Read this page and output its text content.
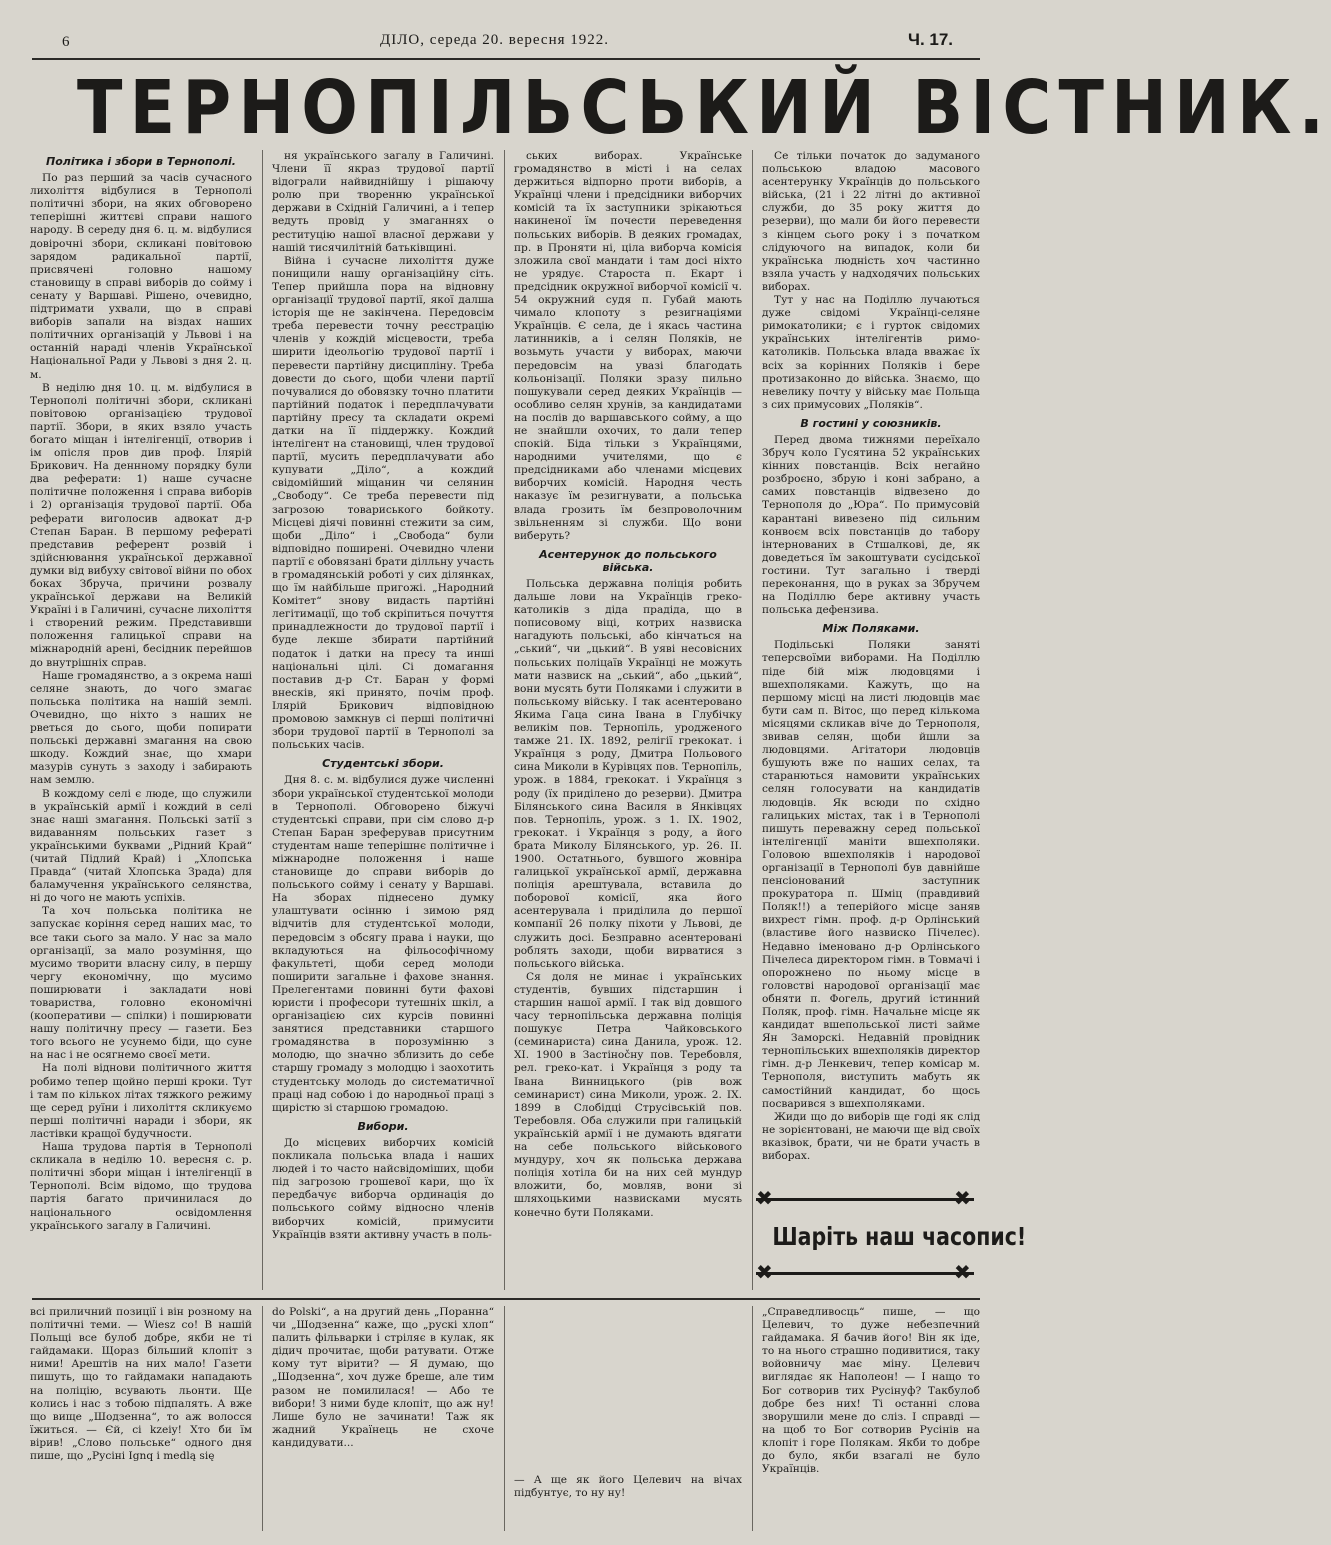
6	ДІЛО, середа 20. вересня 1922.	Ч. 17.
ТЕРНОПІЛЬСЬКИЙ ВІСТНИК.
Політика і збори в Тернополі.

По раз перший за часів сучасного лихоліття відбулися в Тернополі політичні збори, на яких обговорено теперішні життєві справи нашого народу. В середу дня 6. ц. м. відбулися довірочні збори, скликані повітовою зарядом радикальної партії, присвячені головно нашому становищу в справі виборів до сойму і сенату у Варшаві. Рішено, очевидно, підтримати ухвали, що в справі виборів запали на віздах наших політичних організацій у Львові і на останній нараді членів Української Національної Ради у Львові з дня 2. ц. м.

В неділю дня 10. ц. м. відбулися в Тернополі політичні збори, скликані повітовою організацією трудової партії. Збори, в яких взяло участь богато міщан і інтелігенції, отворив і ім опісля пров див проф. Ілярій Брикович. На деннному порядку були два реферати: 1) наше сучасне політичне положення і справа виборів і 2) організація трудової партії. Оба реферати виголосив адвокат д-р Степан Баран. В першому рефераті представив референт розвій і здійснювання української державної думки від вибуху світової війни по обох боках Збруча, причини розвалу української держави на Великій Україні і в Галичині, сучасне лихоліття і створений режим. Представивши положення галицької справи на міжнародній арені, бесідник перейшов до внутрішніх справ.

Наше громадянство, а з окрема наші селяне знають, до чого змагає польська політика на нашій землі. Очевидно, що ніхто з наших не рветься до сього, щоби попирати польські державні змагання на свою шкоду. Кождий знає, що хмари мазурів сунуть з заходу і забирають нам землю.

В кождому селі є люде, що служили в українській армії і кождий в селі знає наші змагання. Польські затії з видаванням польських газет з українськими буквами „Рідний Край“ (читай Підлий Край) і „Хлопська Правда“ (читай Хлопська Зрада) для баламучення українського селянства, ні до чого не мають успіхів.

Та хоч польська політика не запускає коріння серед наших мас, то все таки сього за мало. У нас за мало організації, за мало розуміння, що мусимо творити власну силу, в першу чергу економічну, що мусимо поширювати і закладати нові товариства, головно економічні (кооперативи — спілки) і поширювати нашу політичну пресу — газети. Без того всього не усунемо біди, що суне на нас і не осягнемо своєї мети.

На полі віднови політичного життя робимо тепер щойно перші кроки. Тут і там по кількох літах тяжкого режиму ще серед руїни і лихоліття скликуємо перші політичні наради і збори, як ластівки кращої будучности.

Наша трудова партія в Тернополі скликала в неділю 10. вересня с. р. політичні збори міщан і інтелігенції в Тернополі. Всім відомо, що трудова партія багато причинилася до національного освідомлення українського загалу в Галичині.

ня українського загалу в Галичині. Члени її якраз трудової партії відограли найвиднійшу і рішаючу ролю при творенню української держави в Східній Галичині, а і тепер ведуть провід у змаганнях о реституцію нашої власної держави у нашій тисячилітній батьківщині.

Війна і сучасне лихоліття дуже понищили нашу організаційну сіть. Тепер прийшла пора на відновну організації трудової партії, якої далша історія ще не закінчена. Передовсім треба перевести точну реєстрацію членів у кождій місцевости, треба ширити ідеольогію трудової партії і перевести партійну дисципліну. Треба довести до сього, щоби члени партії почувалися до обовязку точно платити партійний податок і передплачувати партійну пресу та складати окремі датки на її піддержку. Кождий інтелігент на становищі, член трудової партії, мусить передплачувати або купувати „Діло“, а кождий свідомійший міщанин чи селянин „Свободу“. Се треба перевести під загрозою товариського бойкоту. Місцеві діячі повинні стежити за сим, щоби „Діло“ і „Свобода“ були відповідно поширені. Очевидно члени партії є обовязані брати ділльну участь в громадянській роботі у сих ділянках, що їм найбільше пригожі. „Народний Комітет“ знову видасть партійні легітимації, що тоб скріпиться почуття принадлежности до трудової партії і буде лекше збирати партійний податок і датки на пресу та инші національні цілі. Сі домагання поставив д-р Ст. Баран у формі внесків, які принято, почім проф. Ілярій Брикович відповідною промовою замкнув сі перші політичні збори трудової партії в Тернополі за польських часів.

Студентські збори.

Дня 8. с. м. відбулися дуже численні збори української студентської молоди в Тернополі. Обговорено біжучі студентські справи, при сім слово д-р Степан Баран зреферував присутним студентам наше теперішнє політичне і міжнародне положення і наше становище до справи виборів до польського сойму і сенату у Варшаві. На зборах піднесено думку улаштувати осінню і зимою ряд відчитів для студентської молоди, передовсім з обсягу права і науки, що вкладуються на фільософічному факультеті, щоби серед молоди поширити загальне і фахове знання. Прелегентами повинні бути фахові юристи і професори тутешніх шкіл, а організацією сих курсів повинні занятися представники старшого громадянства в порозумінню з молодю, що значно зблизить до себе старшу громаду з молодцю і заохотить студентську молодь до систематичної праці над собою і до народньої праці з щирістю зі старшою громадою.

Вибори.

До місцевих виборчих комісій покликала польська влада і наших людей і то часто найсвідоміших, щоби під загрозою грошевої кари, що їх передбачує виборча ординація до польського сойму відносно членів виборчих комісій, примусити Українців взяти активну участь в поль-

ських виборах. Українське громадянство в місті і на селах держиться відпорно проти виборів, а Українці члени і предсідники виборчих комісій та їх заступники зрікаються накиненої їм почести переведення польських виборів. В деяких громадах, пр. в Проняти ні, ціла виборча комісія зложила свої мандати і там досі ніхто не урядує. Староста п. Екарт і предсідник окружної виборчої комісії ч. 54 окружний судя п. Губай мають чимало клопоту з резигнаціями Українців. Є села, де і якась частина латинників, а і селян Поляків, не возьмуть участи у виборах, маючи передовсім на увазі благодать кольонізації. Поляки зразу пильно пошукували серед деяких Українців — особливо селян хрунів, за кандидатами на послів до варшавського сойму, а що не знайшли охочих, то дали тепер спокій. Біда тільки з Українцями, народними учителями, що є предсідниками або членами місцевих виборчих комісій. Народня честь наказує їм резигнувати, а польська влада грозить їм безпроволочним звільненням зі служби. Що вони виберуть?

Асентерунок до польського війська.

Польська державна поліція робить дальше лови на Українців греко-католиків з діда прадіда, що в пописовому віці, котрих назвиска нагадують польські, або кінчаться на „ський“, чи „цький“. В уяві несовісних польських поліцаїв Українці не можуть мати назвиск на „ський“, або „цький“, вони мусять бути Поляками і служити в польському війську. І так асентеровано Якима Гаца сина Івана в Глубічку великім пов. Тернопіль, уродженого тамже 21. IX. 1892, релігії грекокат. і Українця з роду, Дмитра Польового сина Миколи в Курівцях пов. Тернопіль, урож. в 1884, грекокат. і Українця з роду (їх приділено до резерви). Дмитра Білянського сина Василя в Янківцях пов. Тернопіль, урож. з 1. IX. 1902, грекокат. і Українця з роду, а його брата Миколу Білянського, ур. 26. II. 1900. Остатнього, бувшого жовніра галицької української армії, державна поліція арештувала, вставила до поборової комісії, яка його асентерувала і приділила до першої компанії 26 полку піхоти у Львові, де служить досі. Безправно асентеровані роблять заходи, щоби вирватися з польського війська.

Ся доля не минає і українських студентів, бувших підстаршин і старшин нашої армії. І так від довшого часу тернопільська державна поліція пошукує Петра Чайковського (семинариста) сина Данила, урож. 12. XI. 1900 в Застінočну пов. Теребовля, рел. греко-кат. і Українця з роду та Івана Винницького (рів вож семинарист) сина Миколи, урож. 2. IX. 1899 в Слобідці Струсівській пов. Теребовля. Оба служили при галицькій українській армії і не думають вдягати на себе польського військового мундуру, хоч як польська держава поліція хотіла би на них сей мундур вложити, бо, мовляв, вони зі шляхоцькими назвисками мусять конечно бути Поляками.

Се тільки початок до задуманого польською владою масового асентерунку Українців до польського війська, (21 і 22 літні до активної служби, до 35 року життя до резерви), що мали би його перевести з кінцем сього року і з початком слідуючого на випадок, коли би українська людність хоч частинно взяла участь у надходячих польських виборах.

Тут у нас на Поділлю лучаються дуже свідомі Українці-селяне римокатолики; є і гурток свідомих українських інтелігентів римо-католиків. Польська влада вважає їх всіх за корінних Поляків і бере протизаконно до війська. Знаємо, що невелику почту у війську має Польща з сих примусових „Поляків“.

В гостині у союзників.

Перед двома тижнями переїхало Збруч коло Гусятина 52 українських кінних повстанців. Всіх негайно розброєно, збрую і коні забрано, а самих повстанців відвезено до Тернополя до „Юра“. По примусовій карантані вивезено під сильним конвоєм всіх повстанців до табору інтернованих в Стшалкові, де, як доведеться їм закоштувати сусідської гостини. Тут загально і тверді переконання, що в руках за Збручем на Поділлю бере активну участь польська дефензива.

Між Поляками.

Подільські Поляки заняті теперсвоїми виборами. На Поділлю піде бій між людовцями і вшехполяками. Кажуть, що на першому місці на листі людовців має бути сам п. Вітос, що перед кількома місяцями скликав віче до Тернополя, звивав селян, щоби йшли за людовцями. Агітатори людовців бушують вже по наших селах, та старанються намовити українських селян голосувати на кандидатів людовців. Як всюди по східно галицьких містах, так і в Тернополі пишуть переважну серед польської інтелігенції маніти вшехполяки. Головою вшехполяків і народової організації в Тернополі був давнійше пенсіонований заступник прокуратора п. Шміц (правдивий Поляк!!) а теперійого місце заняв вихрест гімн. проф. д-р Орлінський (властиве його назвиско Пічелес). Недавно іменовано д-р Орлінського Пічелеса директором гімн. в Товмачі і опорожнено по ньому місце в головстві народової організації має обняти п. Фогель, другий істинний Поляк, проф. гімн. Начальне місце як кандидат вшепольської листі займе Ян Заморскі. Недавній провідник тернопільських вшехполяків директор гімн. д-р Ленкевич, тепер комісар м. Тернополя, виступить мабуть як самостійний кандидат, бо щось посварився з вшехполяками.

Жиди що до виборів ще годі як слід не зорієнтовані, не маючи ще від своїх вказівок, брати, чи не брати участь в виборах.

✖	✖
Шаріть наш часопис!
✖	✖
всі приличний позиції і він розному на політичні теми. — Wiesz co! В нашій Польщі все булоб добре, якби не ті гайдамаки. Щораз більший клопіт з ними! Арештів на них мало! Газети пишуть, що то гайдамаки нападають на поліцію, всувають льонти. Ще колись і нас з тобою підпалять. А вже що вище „Шодзенна“, то аж волосся їжиться. — Єй, ci kzeiy! Хто би їм вірив! „Слово польське“ одного дня пише, що „Русіні Ignq і medlą się
do Polski“, а на другий день „Поранна“ чи „Шодзенна“ каже, що „рускі хлоп“ палить фільварки і стріляє в кулак, як дідич прочитає, щоби ратувати. Отже кому тут вірити? — Я думаю, що „Шодзенна“, хоч дуже бреше, але тим разом не помилилася! — Або те вибори! З ними буде клопіт, що аж ну! Лише було не зачинати! Таж як жадний Українець не схоче кандидувати...
— А ще як його Целевич на вічах підбунтує, то ну ну!
„Справедливосць“ пише, — що Целевич, то дуже небезпечний гайдамака. Я бачив його! Він як іде, то на нього страшно подивитися, таку войовничу має міну. Целевич виглядає як Наполеон! — І нащо то Бог сотворив тих Русінуф? Такбулоб добре без них! Ті останні слова зворушили мене до сліз. І справді — на щоб то Бог сотворив Русінів на клопіт і горе Полякам. Якби то добре до було, якби взагалі не було Українців.
